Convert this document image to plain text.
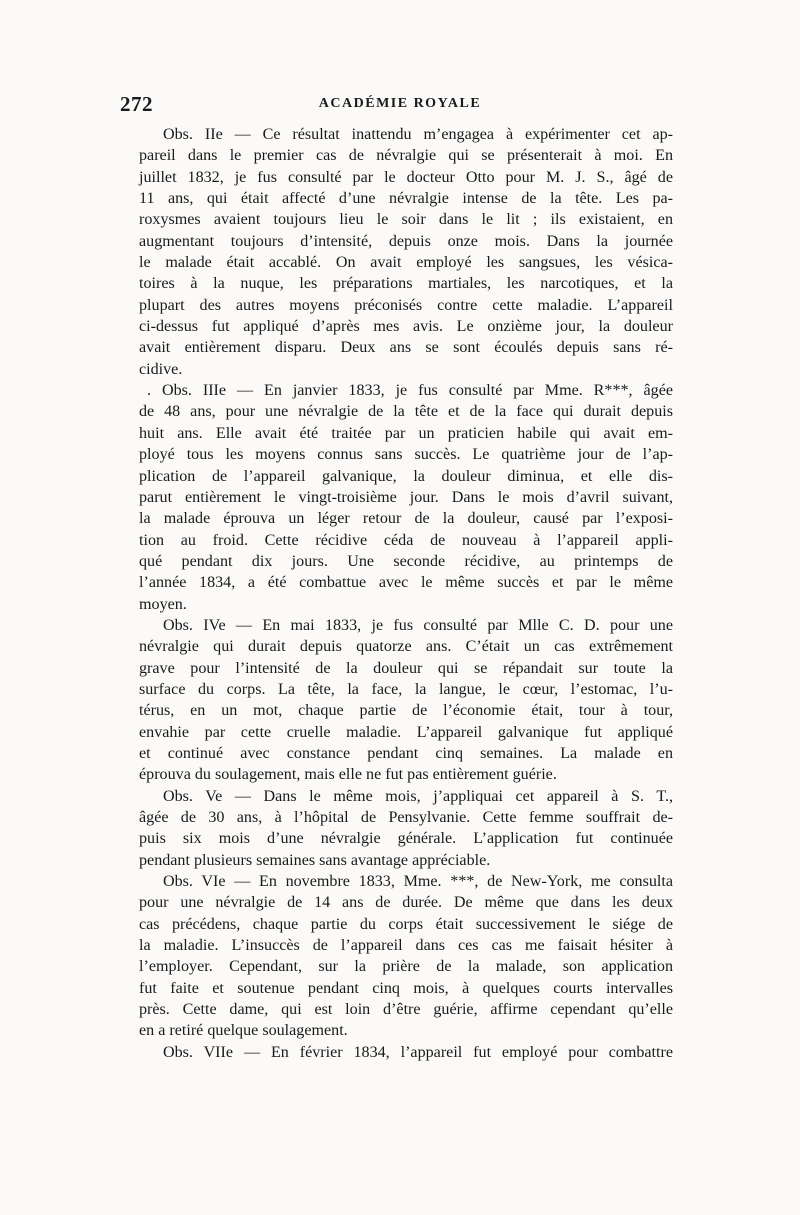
272	ACADÉMIE ROYALE
Obs. IIe — Ce résultat inattendu m’engagea à expérimenter cet ap-
pareil dans le premier cas de névralgie qui se présenterait à moi. En
juillet 1832, je fus consulté par le docteur Otto pour M. J. S., âgé de
11 ans, qui était affecté d’une névralgie intense de la tête. Les pa-
roxysmes avaient toujours lieu le soir dans le lit ; ils existaient, en
augmentant toujours d’intensité, depuis onze mois. Dans la journée
le malade était accablé. On avait employé les sangsues, les vésica-
toires à la nuque, les préparations martiales, les narcotiques, et la
plupart des autres moyens préconisés contre cette maladie. L’appareil
ci-dessus fut appliqué d’après mes avis. Le onzième jour, la douleur
avait entièrement disparu. Deux ans se sont écoulés depuis sans ré-
cidive.
. Obs. IIIe — En janvier 1833, je fus consulté par Mme. R***, âgée
de 48 ans, pour une névralgie de la tête et de la face qui durait depuis
huit ans. Elle avait été traitée par un praticien habile qui avait em-
ployé tous les moyens connus sans succès. Le quatrième jour de l’ap-
plication de l’appareil galvanique, la douleur diminua, et elle dis-
parut entièrement le vingt-troisième jour. Dans le mois d’avril suivant,
la malade éprouva un léger retour de la douleur, causé par l’exposi-
tion au froid. Cette récidive céda de nouveau à l’appareil appli-
qué pendant dix jours. Une seconde récidive, au printemps de
l’année 1834, a été combattue avec le même succès et par le même
moyen.
Obs. IVe — En mai 1833, je fus consulté par Mlle C. D. pour une
névralgie qui durait depuis quatorze ans. C’était un cas extrêmement
grave pour l’intensité de la douleur qui se répandait sur toute la
surface du corps. La tête, la face, la langue, le cœur, l’estomac, l’u-
térus, en un mot, chaque partie de l’économie était, tour à tour,
envahie par cette cruelle maladie. L’appareil galvanique fut appliqué
et continué avec constance pendant cinq semaines. La malade en
éprouva du soulagement, mais elle ne fut pas entièrement guérie.
Obs. Ve — Dans le même mois, j’appliquai cet appareil à S. T.,
âgée de 30 ans, à l’hôpital de Pensylvanie. Cette femme souffrait de-
puis six mois d’une névralgie générale. L’application fut continuée
pendant plusieurs semaines sans avantage appréciable.
Obs. VIe — En novembre 1833, Mme. ***, de New-York, me consulta
pour une névralgie de 14 ans de durée. De même que dans les deux
cas précédens, chaque partie du corps était successivement le siége de
la maladie. L’insuccès de l’appareil dans ces cas me faisait hésiter à
l’employer. Cependant, sur la prière de la malade, son application
fut faite et soutenue pendant cinq mois, à quelques courts intervalles
près. Cette dame, qui est loin d’être guérie, affirme cependant qu’elle
en a retiré quelque soulagement.
Obs. VIIe — En février 1834, l’appareil fut employé pour combattre
